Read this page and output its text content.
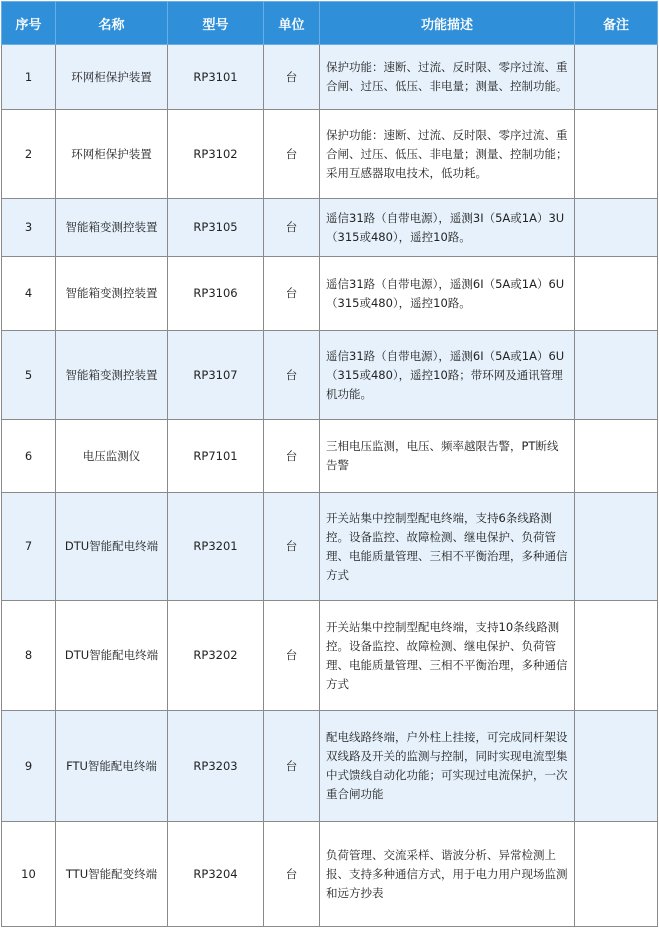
序号	名称	型号	单位	功能描述	备注
1	环网柜保护装置	RP3101	台	保护功能：速断、过流、反时限、零序过流、重合闸、过压、低压、非电量；测量、控制功能。	
2	环网柜保护装置	RP3102	台	保护功能：速断、过流、反时限、零序过流、重合闸、过压、低压、非电量；测量、控制功能；采用互感器取电技术，低功耗。	
3	智能箱变测控装置	RP3105	台	遥信31路（自带电源），遥测3I（5A或1A）3U（315或480），遥控10路。	
4	智能箱变测控装置	RP3106	台	遥信31路（自带电源），遥测6I（5A或1A）6U（315或480），遥控10路。	
5	智能箱变测控装置	RP3107	台	遥信31路（自带电源），遥测6I（5A或1A）6U（315或480），遥控10路；带环网及通讯管理机功能。	
6	电压监测仪	RP7101	台	三相电压监测，电压、频率越限告警，PT断线告警	
7	DTU智能配电终端	RP3201	台	开关站集中控制型配电终端，支持6条线路测控。设备监控、故障检测、继电保护、负荷管理、电能质量管理、三相不平衡治理，多种通信方式	
8	DTU智能配电终端	RP3202	台	开关站集中控制型配电终端，支持10条线路测控。设备监控、故障检测、继电保护、负荷管理、电能质量管理、三相不平衡治理，多种通信方式	
9	FTU智能配电终端	RP3203	台	配电线路终端，户外柱上挂接，可完成同杆架设双线路及开关的监测与控制，同时实现电流型集中式馈线自动化功能；可实现过电流保护，一次重合闸功能	
10	TTU智能配变终端	RP3204	台	负荷管理、交流采样、谐波分析、异常检测上报、支持多种通信方式，用于电力用户现场监测和远方抄表	
